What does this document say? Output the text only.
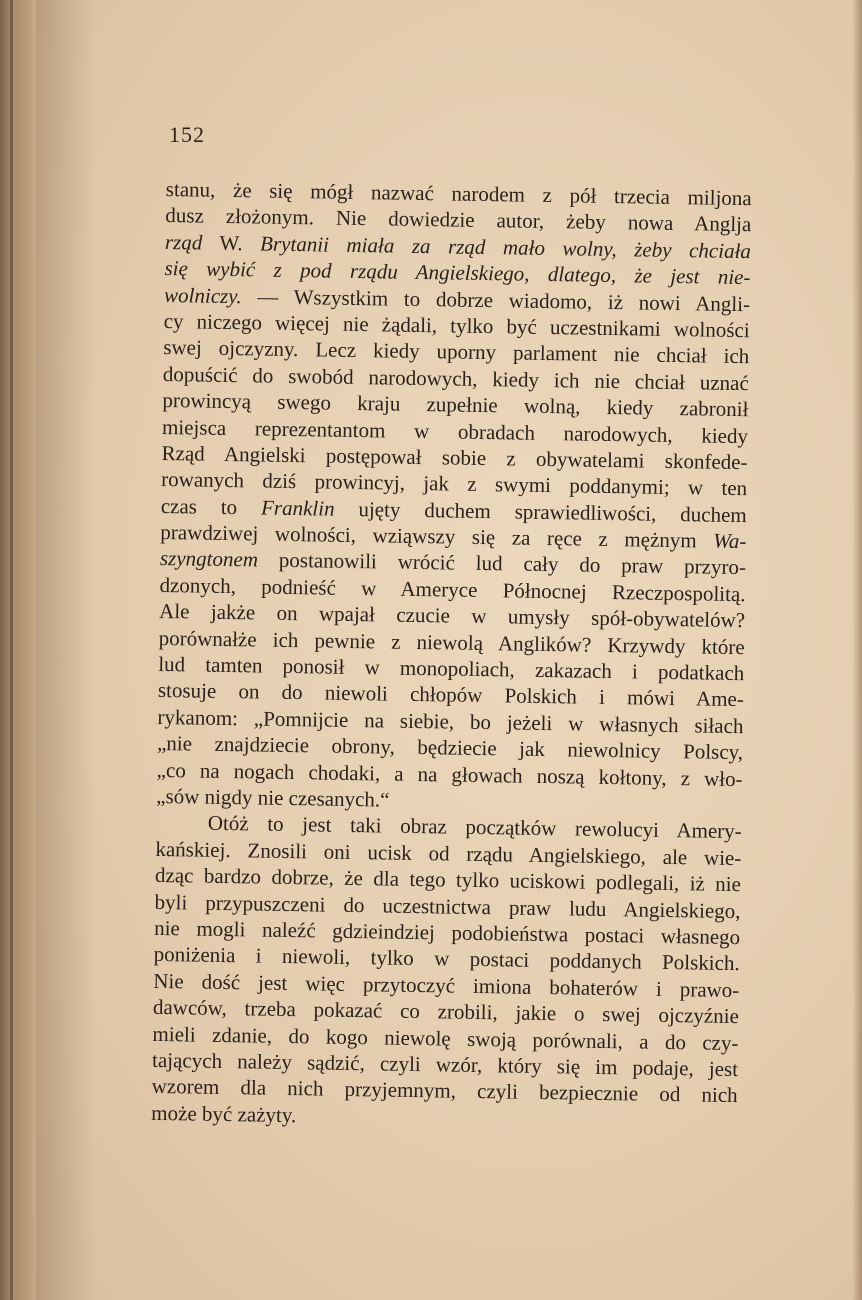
152
stanu, że się mógł nazwać narodem z pół trzecia miljona
dusz złożonym. Nie dowiedzie autor, żeby nowa Anglja
rząd W. Brytanii miała za rząd mało wolny, żeby chciała
się wybić z pod rządu Angielskiego, dlatego, że jest nie-
wolniczy. — Wszystkim to dobrze wiadomo, iż nowi Angli-
cy niczego więcej nie żądali, tylko być uczestnikami wolności
swej ojczyzny. Lecz kiedy uporny parlament nie chciał ich
dopuścić do swobód narodowych, kiedy ich nie chciał uznać
prowincyą swego kraju zupełnie wolną, kiedy zabronił
miejsca reprezentantom w obradach narodowych, kiedy
Rząd Angielski postępował sobie z obywatelami skonfede-
rowanych dziś prowincyj, jak z swymi poddanymi; w ten
czas to Franklin ujęty duchem sprawiedliwości, duchem
prawdziwej wolności, wziąwszy się za ręce z mężnym Wa-
szyngtonem postanowili wrócić lud cały do praw przyro-
dzonych, podnieść w Ameryce Północnej Rzeczpospolitą.
Ale jakże on wpajał czucie w umysły spół-obywatelów?
porównałże ich pewnie z niewolą Anglików? Krzywdy które
lud tamten ponosił w monopoliach, zakazach i podatkach
stosuje on do niewoli chłopów Polskich i mówi Ame-
rykanom: „Pomnijcie na siebie, bo jeżeli w własnych siłach
„nie znajdziecie obrony, będziecie jak niewolnicy Polscy,
„co na nogach chodaki, a na głowach noszą kołtony, z wło-
„sów nigdy nie czesanych.“
Otóż to jest taki obraz początków rewolucyi Amery-
kańskiej. Znosili oni ucisk od rządu Angielskiego, ale wie-
dząc bardzo dobrze, że dla tego tylko uciskowi podlegali, iż nie
byli przypuszczeni do uczestnictwa praw ludu Angielskiego,
nie mogli naleźć gdzieindziej podobieństwa postaci własnego
poniżenia i niewoli, tylko w postaci poddanych Polskich.
Nie dość jest więc przytoczyć imiona bohaterów i prawo-
dawców, trzeba pokazać co zrobili, jakie o swej ojczyźnie
mieli zdanie, do kogo niewolę swoją porównali, a do czy-
tających należy sądzić, czyli wzór, który się im podaje, jest
wzorem dla nich przyjemnym, czyli bezpiecznie od nich
może być zażyty.
